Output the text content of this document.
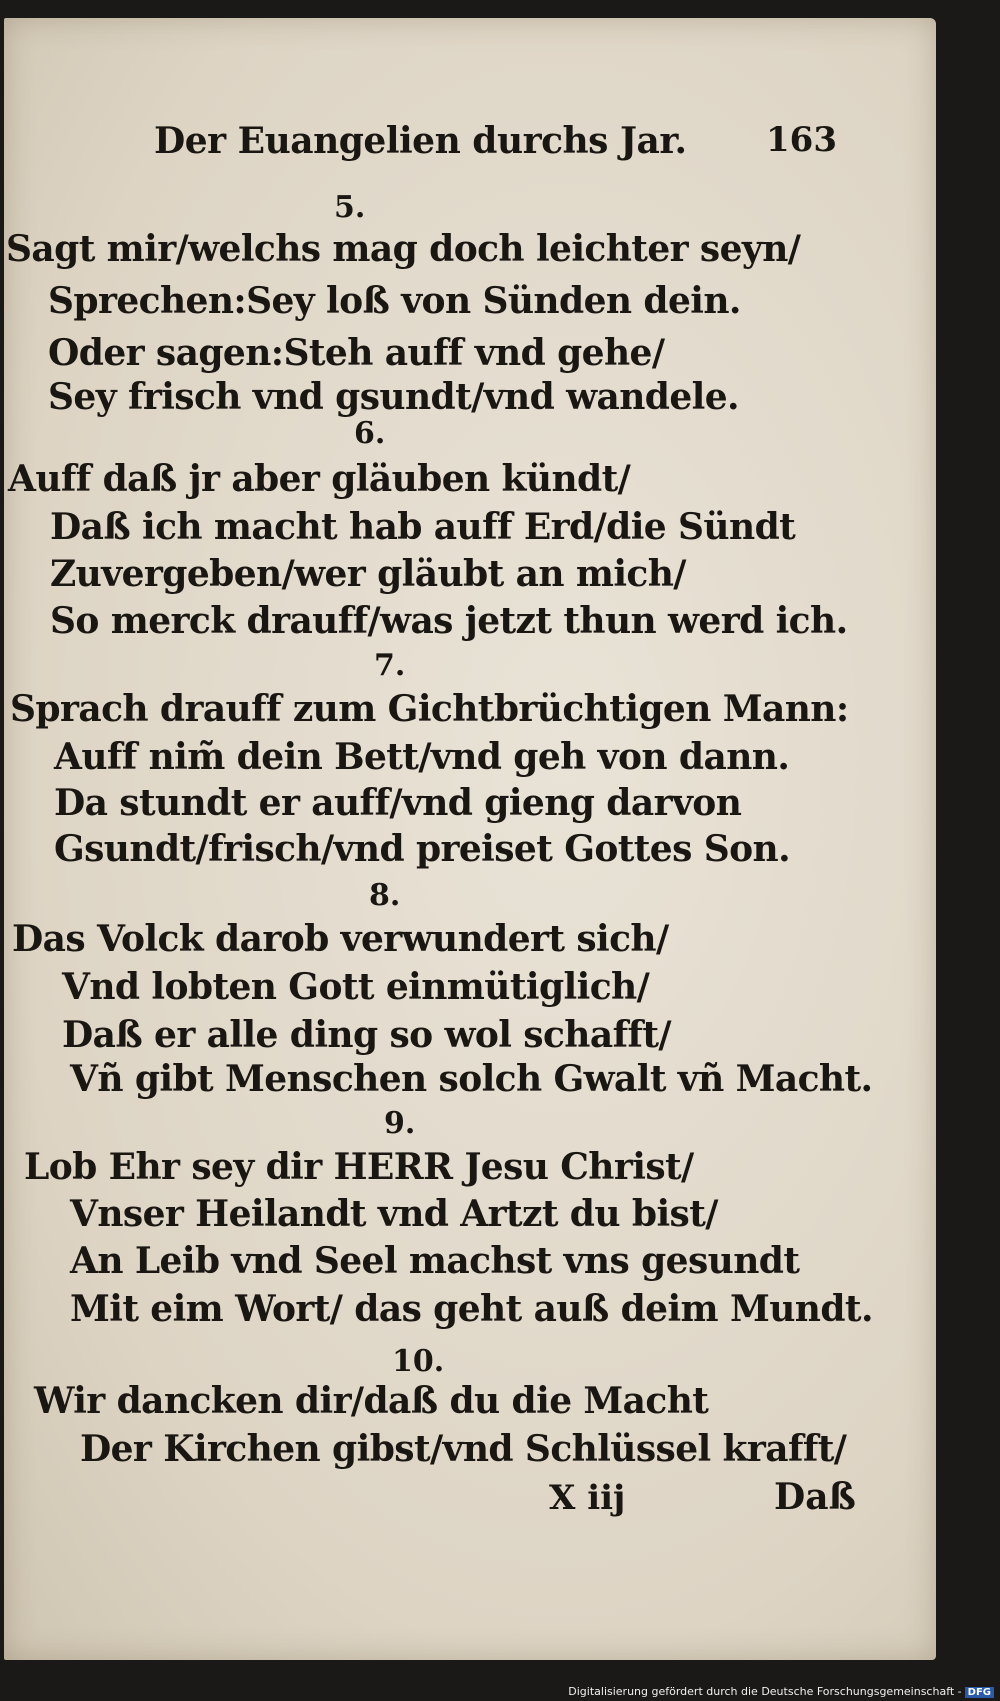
Der Euangelien durchs Jar. 163
5.
Sagt mir/welchs mag doch leichter seyn/
Sprechen:Sey loß von Sünden dein.
Oder sagen:Steh auff vnd gehe/
Sey frisch vnd gsundt/vnd wandele.
6.
Auff daß jr aber gläuben kündt/
Daß ich macht hab auff Erd/die Sündt
Zuvergeben/wer gläubt an mich/
So merck drauff/was jetzt thun werd ich.
7.
Sprach drauff zum Gichtbrüchtigen Mann:
Auff nim̃ dein Bett/vnd geh von dann.
Da stundt er auff/vnd gieng darvon
Gsundt/frisch/vnd preiset Gottes Son.
8.
Das Volck darob verwundert sich/
Vnd lobten Gott einmütiglich/
Daß er alle ding so wol schafft/
Vñ gibt Menschen solch Gwalt vñ Macht.
9.
Lob Ehr sey dir HERR Jesu Christ/
Vnser Heilandt vnd Artzt du bist/
An Leib vnd Seel machst vns gesundt
Mit eim Wort/ das geht auß deim Mundt.
10.
Wir dancken dir/daß du die Macht
Der Kirchen gibst/vnd Schlüssel krafft/
X iij	Daß
Digitalisierung gefördert durch die Deutsche Forschungsgemeinschaft - DFG
